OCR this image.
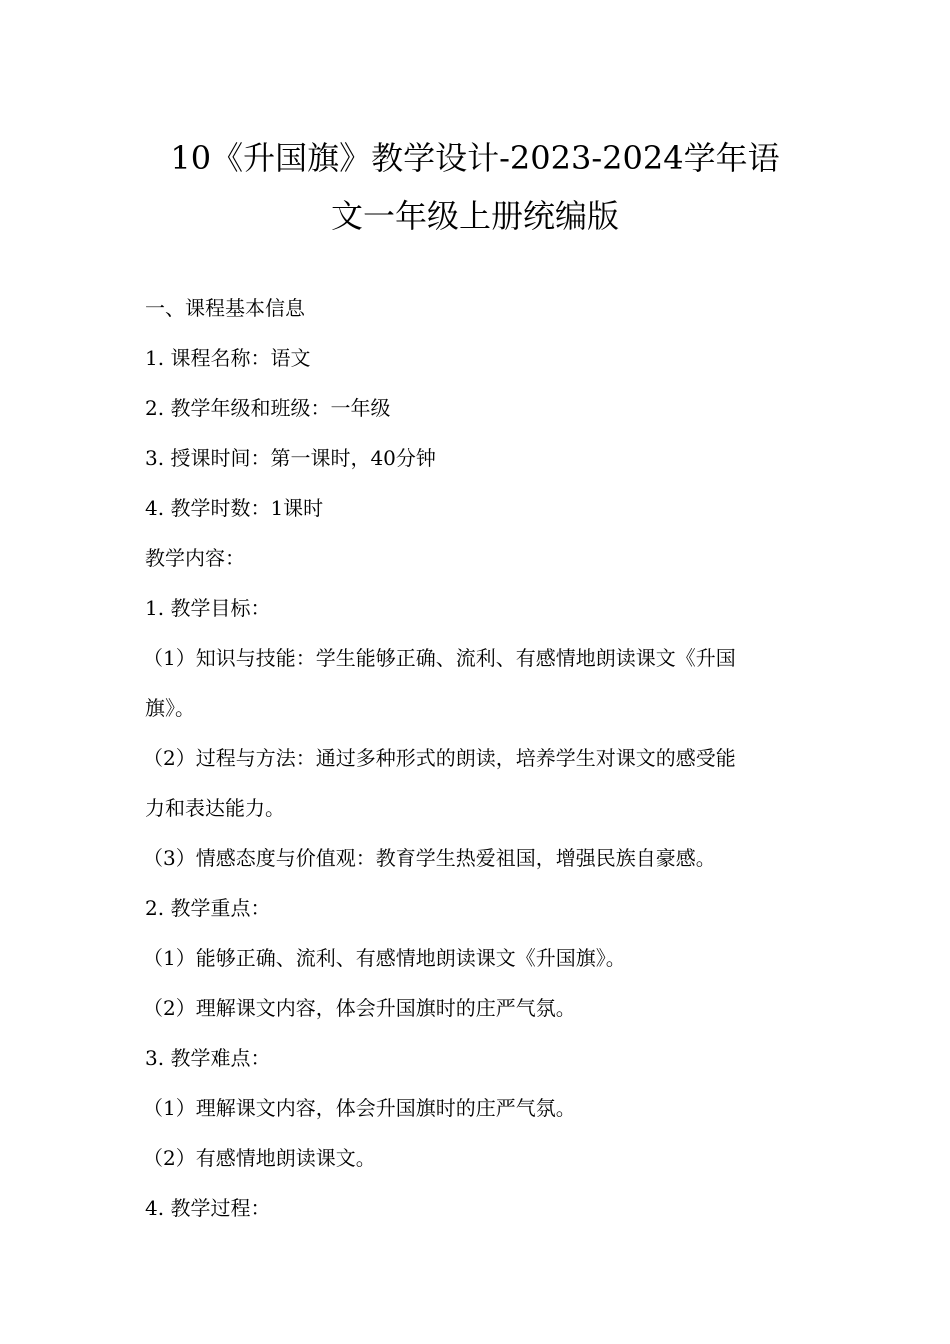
10《升国旗》教学设计-2023-2024学年语
文一年级上册统编版
一、课程基本信息
1. 课程名称：语文
2. 教学年级和班级：一年级
3. 授课时间：第一课时，40分钟
4. 教学时数：1课时
教学内容：
1. 教学目标：
（1）知识与技能：学生能够正确、流利、有感情地朗读课文《升国
旗》。
（2）过程与方法：通过多种形式的朗读，培养学生对课文的感受能
力和表达能力。
（3）情感态度与价值观：教育学生热爱祖国，增强民族自豪感。
2. 教学重点：
（1）能够正确、流利、有感情地朗读课文《升国旗》。
（2）理解课文内容，体会升国旗时的庄严气氛。
3. 教学难点：
（1）理解课文内容，体会升国旗时的庄严气氛。
（2）有感情地朗读课文。
4. 教学过程：
